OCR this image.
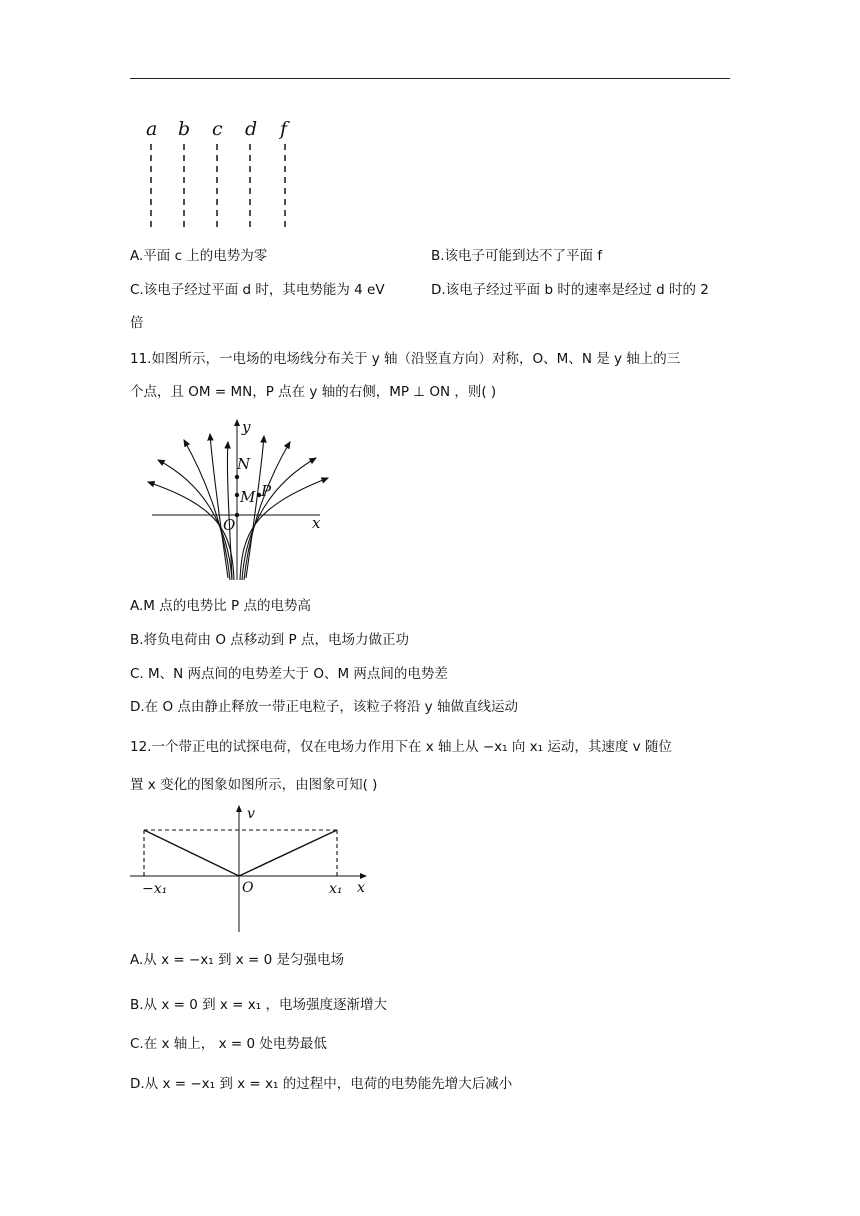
a b c d f
A.平面 c 上的电势为零	B.该电子可能到达不了平面 f
C.该电子经过平面 d 时，其电势能为 4 eV	D.该电子经过平面 b 时的速率是经过 d 时的 2
倍
11.如图所示，一电场的电场线分布关于 y 轴（沿竖直方向）对称，O、M、N 是 y 轴上的三
个点，且 OM = MN，P 点在 y 轴的右侧，MP ⊥ ON ，则( )
y
x
N
M P
O
A.M 点的电势比 P 点的电势高
B.将负电荷由 O 点移动到 P 点，电场力做正功
C. M、N 两点间的电势差大于 O、M 两点间的电势差
D.在 O 点由静止释放一带正电粒子，该粒子将沿 y 轴做直线运动
12.一个带正电的试探电荷，仅在电场力作用下在 x 轴上从 −x₁ 向 x₁ 运动，其速度 v 随位
置 x 变化的图象如图所示，由图象可知( )
v
x
O
−x₁	x₁
A.从 x = −x₁ 到 x = 0 是匀强电场
B.从 x = 0 到 x = x₁ ，电场强度逐渐增大
C.在 x 轴上， x = 0 处电势最低
D.从 x = −x₁ 到 x = x₁ 的过程中，电荷的电势能先增大后减小
